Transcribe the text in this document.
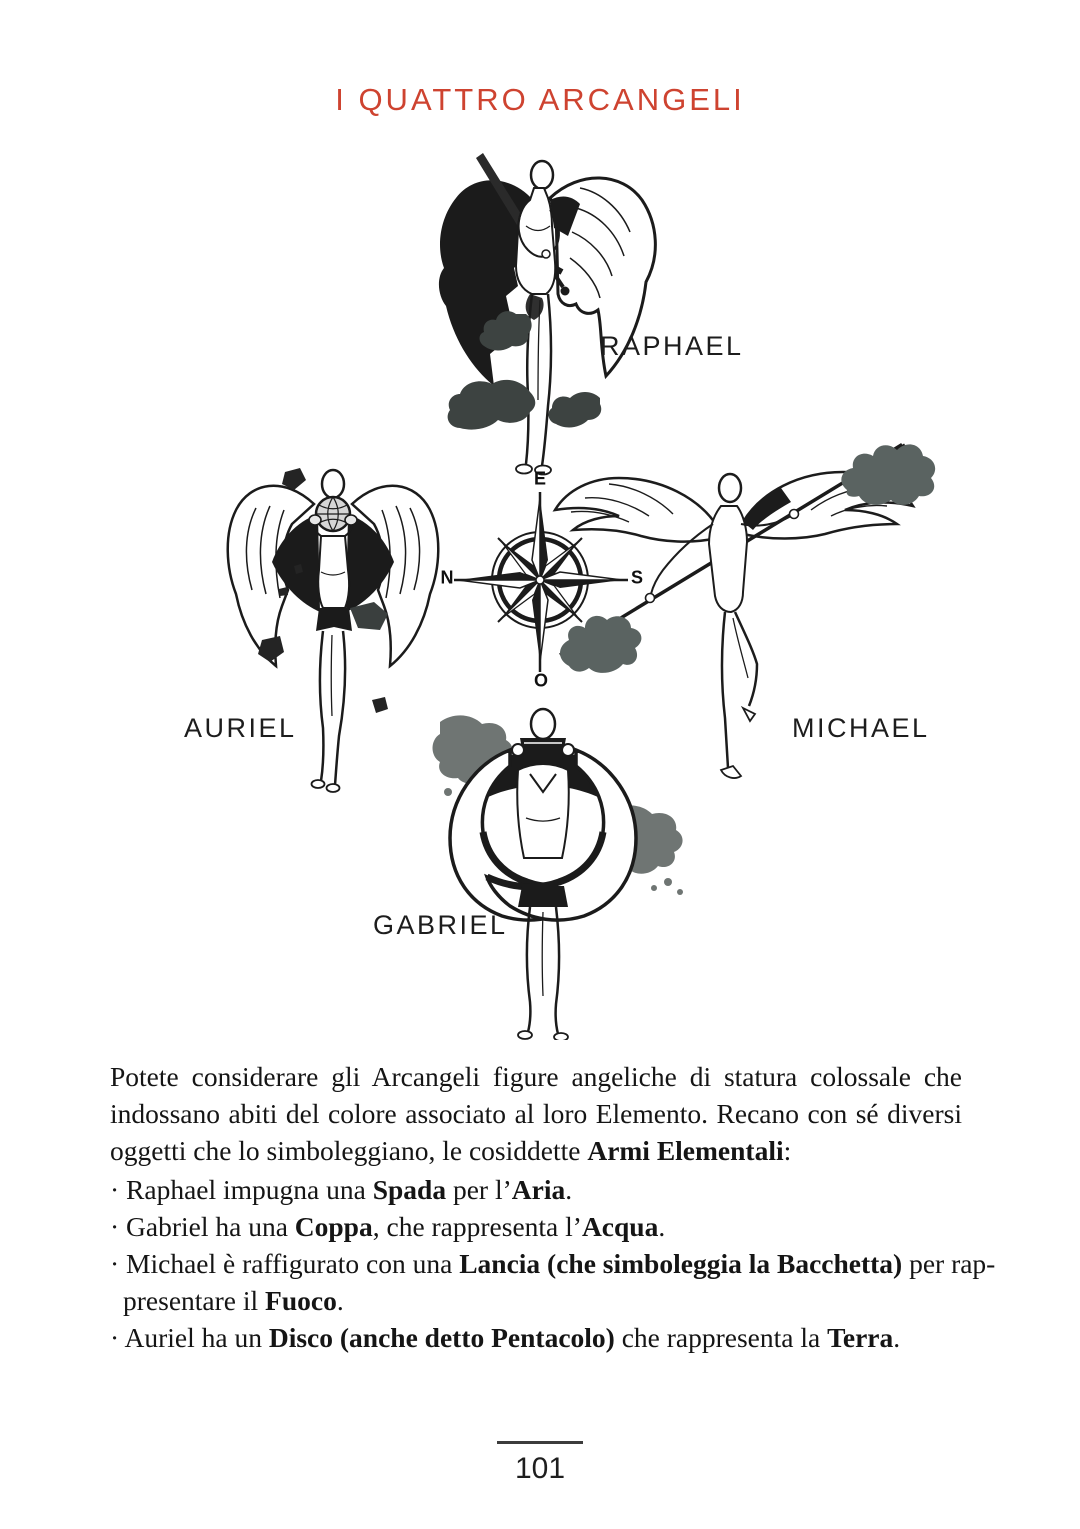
I QUATTRO ARCANGELI
E
N	S
O
RAPHAEL
AURIEL	MICHAEL
GABRIEL

Potete considerare gli Arcangeli figure angeliche di statura colossale che indossano abiti del colore associato al loro Elemento. Recano con sé diversi oggetti che lo simboleggiano, le cosiddette Armi Elementali:

· Raphael impugna una Spada per l’Aria.
· Gabriel ha una Coppa, che rappresenta l’Acqua.
· Michael è raffigurato con una Lancia (che simboleggia la Bacchetta) per rap-
presentare il Fuoco.
· Auriel ha un Disco (anche detto Pentacolo) che rappresenta la Terra.
101
